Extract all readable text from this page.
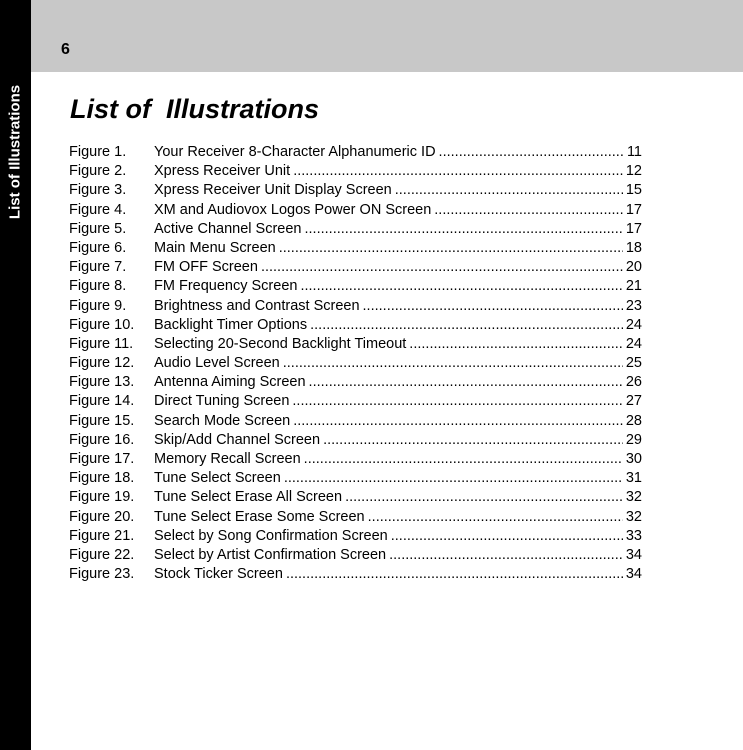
List of Illustrations
6
List of  Illustrations
Figure 1.	Your Receiver 8-Character Alphanumeric ID .....	11
Figure 2.	Xpress Receiver Unit .....	12
Figure 3.	Xpress Receiver Unit Display Screen .....	15
Figure 4.	XM and Audiovox Logos Power ON Screen .....	17
Figure 5.	Active Channel Screen .....	17
Figure 6.	Main Menu Screen .....	18
Figure 7.	FM OFF Screen .....	20
Figure 8.	FM Frequency Screen .....	21
Figure 9.	Brightness and Contrast Screen .....	23
Figure 10.	Backlight Timer Options .....	24
Figure 11.	Selecting 20-Second Backlight Timeout .....	24
Figure 12.	Audio Level Screen .....	25
Figure 13.	Antenna Aiming Screen .....	26
Figure 14.	Direct Tuning Screen .....	27
Figure 15.	Search Mode Screen .....	28
Figure 16.	Skip/Add Channel Screen .....	29
Figure 17.	Memory Recall Screen .....	30
Figure 18.	Tune Select Screen .....	31
Figure 19.	Tune Select Erase All Screen .....	32
Figure 20.	Tune Select Erase Some Screen .....	32
Figure 21.	Select by Song Confirmation Screen .....	33
Figure 22.	Select by Artist Confirmation Screen .....	34
Figure 23.	Stock Ticker Screen .....	34
